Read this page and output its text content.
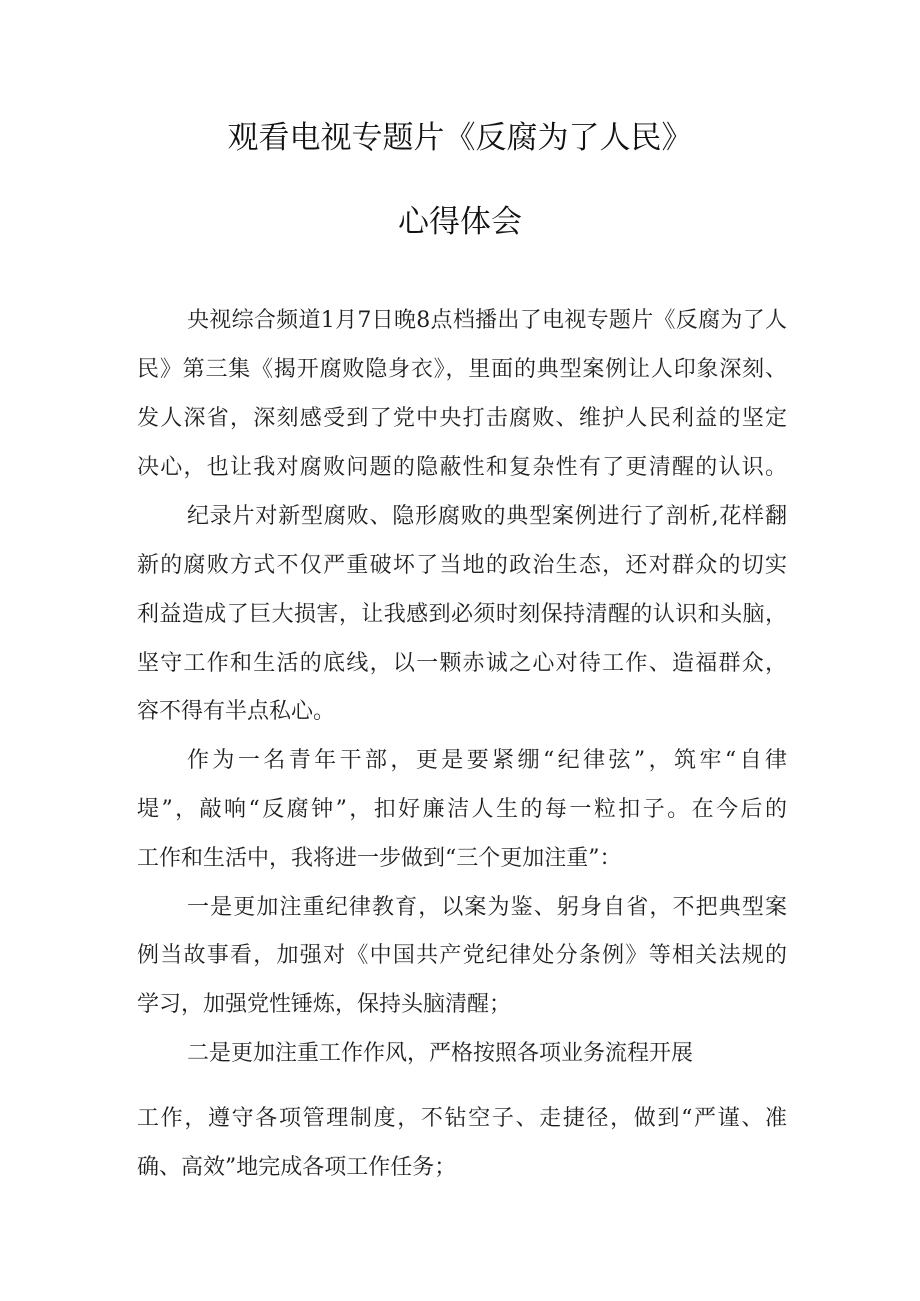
观看电视专题片《反腐为了人民》
心得体会
央视综合频道1月7日晚8点档播出了电视专题片《反腐为了人
民》第三集《揭开腐败隐身衣》，里面的典型案例让人印象深刻、
发人深省，深刻感受到了党中央打击腐败、维护人民利益的坚定
决心，也让我对腐败问题的隐蔽性和复杂性有了更清醒的认识。
纪录片对新型腐败、隐形腐败的典型案例进行了剖析,花样翻
新的腐败方式不仅严重破坏了当地的政治生态，还对群众的切实
利益造成了巨大损害，让我感到必须时刻保持清醒的认识和头脑，
坚守工作和生活的底线，以一颗赤诚之心对待工作、造福群众，
容不得有半点私心。
作为一名青年干部，更是要紧绷“纪律弦”，筑牢“自律
堤”，敲响“反腐钟”，扣好廉洁人生的每一粒扣子。在今后的
工作和生活中，我将进一步做到“三个更加注重”：
一是更加注重纪律教育，以案为鉴、躬身自省，不把典型案
例当故事看，加强对《中国共产党纪律处分条例》等相关法规的
学习，加强党性锤炼，保持头脑清醒；
二是更加注重工作作风，严格按照各项业务流程开展
工作，遵守各项管理制度，不钻空子、走捷径，做到“严谨、准
确、高效”地完成各项工作任务；
